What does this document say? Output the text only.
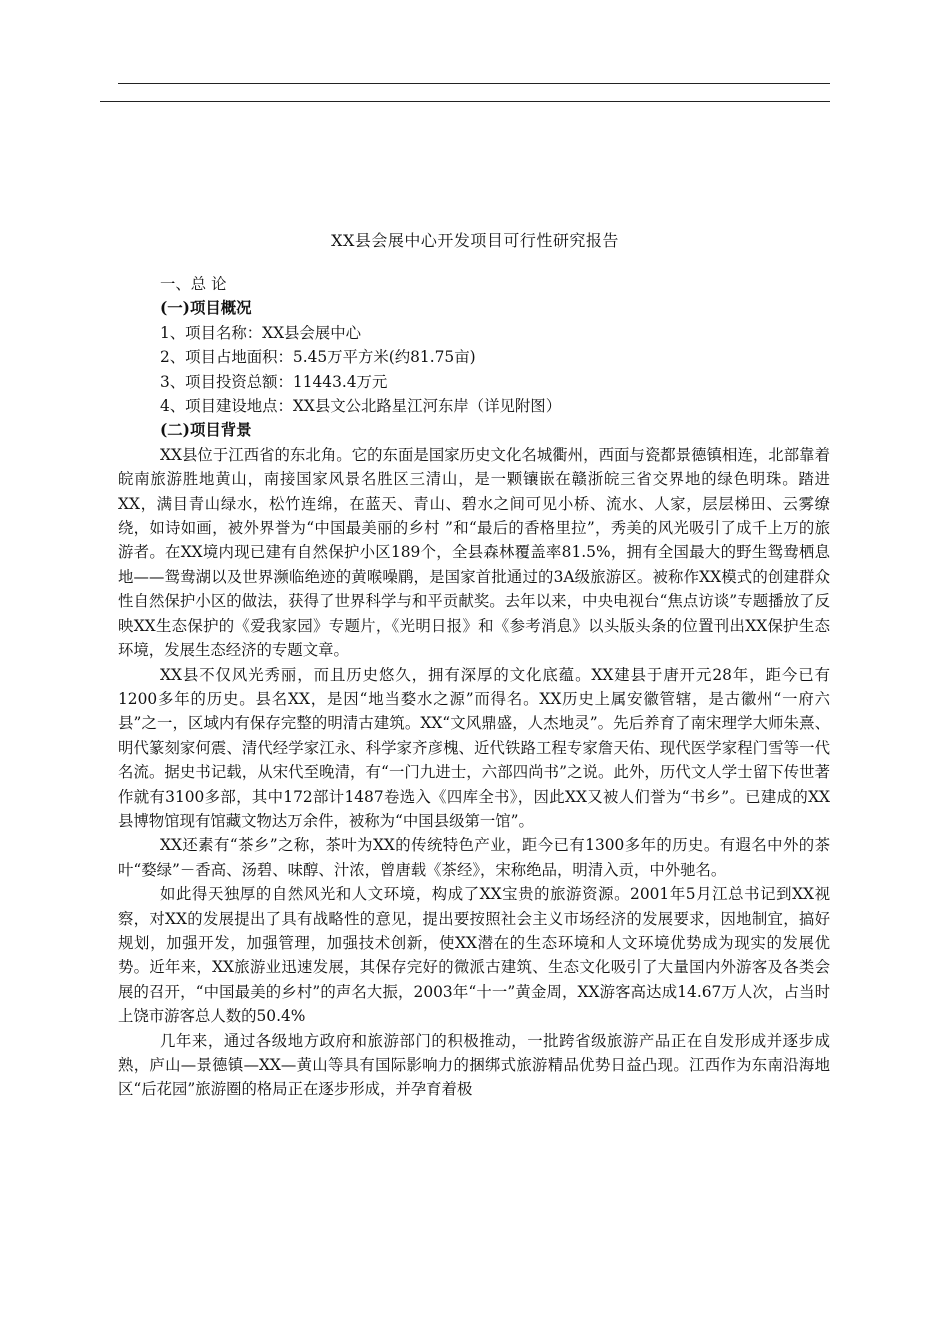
XX县会展中心开发项目可行性研究报告

一、总 论

(一)项目概况

1、项目名称：XX县会展中心

2、项目占地面积：5.45万平方米(约81.75亩)

3、项目投资总额：11443.4万元

4、项目建设地点：XX县文公北路星江河东岸（详见附图）

(二)项目背景

XX县位于江西省的东北角。它的东面是国家历史文化名城衢州，西面与瓷都景德镇相连，北部靠着皖南旅游胜地黄山，南接国家风景名胜区三清山，是一颗镶嵌在赣浙皖三省交界地的绿色明珠。踏进XX，满目青山绿水，松竹连绵，在蓝天、青山、碧水之间可见小桥、流水、人家，层层梯田、云雾缭绕，如诗如画，被外界誉为“中国最美丽的乡村 ”和“最后的香格里拉”，秀美的风光吸引了成千上万的旅游者。在XX境内现已建有自然保护小区189个，全县森林覆盖率81.5%，拥有全国最大的野生鸳鸯栖息地——鸳鸯湖以及世界濒临绝迹的黄喉噪鹛，是国家首批通过的3A级旅游区。被称作XX模式的创建群众性自然保护小区的做法，获得了世界科学与和平贡献奖。去年以来，中央电视台“焦点访谈”专题播放了反映XX生态保护的《爱我家园》专题片，《光明日报》和《参考消息》以头版头条的位置刊出XX保护生态环境，发展生态经济的专题文章。

XX县不仅风光秀丽，而且历史悠久，拥有深厚的文化底蕴。XX建县于唐开元28年，距今已有1200多年的历史。县名XX，是因“地当婺水之源”而得名。XX历史上属安徽管辖，是古徽州“一府六县”之一，区域内有保存完整的明清古建筑。XX“文风鼎盛，人杰地灵”。先后养育了南宋理学大师朱熹、明代篆刻家何震、清代经学家江永、科学家齐彦槐、近代铁路工程专家詹天佑、现代医学家程门雪等一代名流。据史书记载，从宋代至晚清，有“一门九进士，六部四尚书”之说。此外，历代文人学士留下传世著作就有3100多部，其中172部计1487卷选入《四库全书》，因此XX又被人们誉为“书乡”。已建成的XX县博物馆现有馆藏文物达万余件，被称为“中国县级第一馆”。

XX还素有“茶乡”之称，茶叶为XX的传统特色产业，距今已有1300多年的历史。有遐名中外的茶叶“婺绿”－香高、汤碧、味醇、汁浓，曾唐载《茶经》，宋称绝品，明清入贡，中外驰名。

如此得天独厚的自然风光和人文环境，构成了XX宝贵的旅游资源。2001年5月江总书记到XX视察，对XX的发展提出了具有战略性的意见，提出要按照社会主义市场经济的发展要求，因地制宜，搞好规划，加强开发，加强管理，加强技术创新，使XX潜在的生态环境和人文环境优势成为现实的发展优势。近年来，XX旅游业迅速发展，其保存完好的微派古建筑、生态文化吸引了大量国内外游客及各类会展的召开，“中国最美的乡村”的声名大振，2003年“十一”黄金周，XX游客高达成14.67万人次，占当时上饶市游客总人数的50.4%

几年来，通过各级地方政府和旅游部门的积极推动，一批跨省级旅游产品正在自发形成并逐步成熟，庐山—景德镇—XX—黄山等具有国际影响力的捆绑式旅游精品优势日益凸现。江西作为东南沿海地区“后花园”旅游圈的格局正在逐步形成，并孕育着极
